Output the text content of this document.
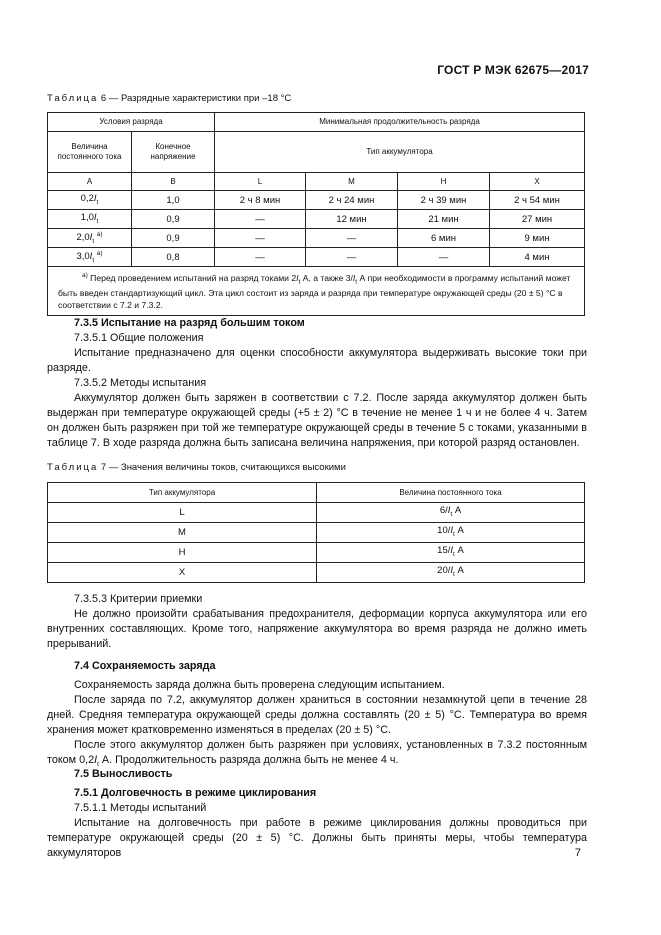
ГОСТ Р МЭК 62675—2017
Таблица 6 — Разрядные характеристики при –18 °С
Условия разряда		Минимальная продолжительность разряда			
Величина постоянного тока	Конечное напряжение	Тип аккумулятора			
А	В	L	M	H	X
$0,2I_t$	1,0	2 ч 8 мин	2 ч 24 мин	2 ч 39 мин	2 ч 54 мин
$1,0I_t$	0,9	—	12 мин	21 мин	27 мин
$2,0I_t$ $^{а)}$	0,9	—	—	6 мин	9 мин
$3,0I_t$ $^{а)}$	0,8	—	—	—	4 мин
$^{а)}$ Перед проведением испытаний на разряд токами $2I_t$ А, а также $3/I_t$ А при необходимости в программу испытаний может быть введен стандартизующий цикл. Эта цикл состоит из заряда и разряда при температуре окружающей среды (20 ± 5) °С в соответствии с 7.2 и 7.3.2.					

7.3.5 Испытание на разряд большим током

7.3.5.1 Общие положения

Испытание предназначено для оценки способности аккумулятора выдерживать высокие токи при разряде.

7.3.5.2 Методы испытания

Аккумулятор должен быть заряжен в соответствии с 7.2. После заряда аккумулятор должен быть выдержан при температуре окружающей среды (+5 ± 2) °С в течение не менее 1 ч и не более 4 ч. Затем он должен быть разряжен при той же температуре окружающей среды в течение 5 с токами, указанными в таблице 7. В ходе разряда должна быть записана величина напряжения, при которой разряд остановлен.

Таблица 7 — Значения величины токов, считающихся высокими
Тип аккумулятора	Величина постоянного тока
L	$6/I_t$ А
M	$10/I_t$ А
H	$15/I_t$ А
X	$20/I_t$ А

7.3.5.3 Критерии приемки

Не должно произойти срабатывания предохранителя, деформации корпуса аккумулятора или его внутренних составляющих. Кроме того, напряжение аккумулятора во время разряда не должно иметь прерываний.

7.4 Сохраняемость заряда

Сохраняемость заряда должна быть проверена следующим испытанием.

После заряда по 7.2, аккумулятор должен храниться в состоянии незамкнутой цепи в течение 28 дней. Средняя температура окружающей среды должна составлять (20 ± 5) °С. Температура во время хранения может кратковременно изменяться в пределах (20 ± 5) °С.

После этого аккумулятор должен быть разряжен при условиях, установленных в 7.3.2 постоянным током $0,2I_t$ А. Продолжительность разряда должна быть не менее 4 ч.

7.5 Выносливость

7.5.1 Долговечность в режиме циклирования

7.5.1.1 Методы испытаний

Испытание на долговечность при работе в режиме циклирования должны проводиться при температуре окружающей среды (20 ± 5) °С. Должны быть приняты меры, чтобы температура аккумуляторов	7
